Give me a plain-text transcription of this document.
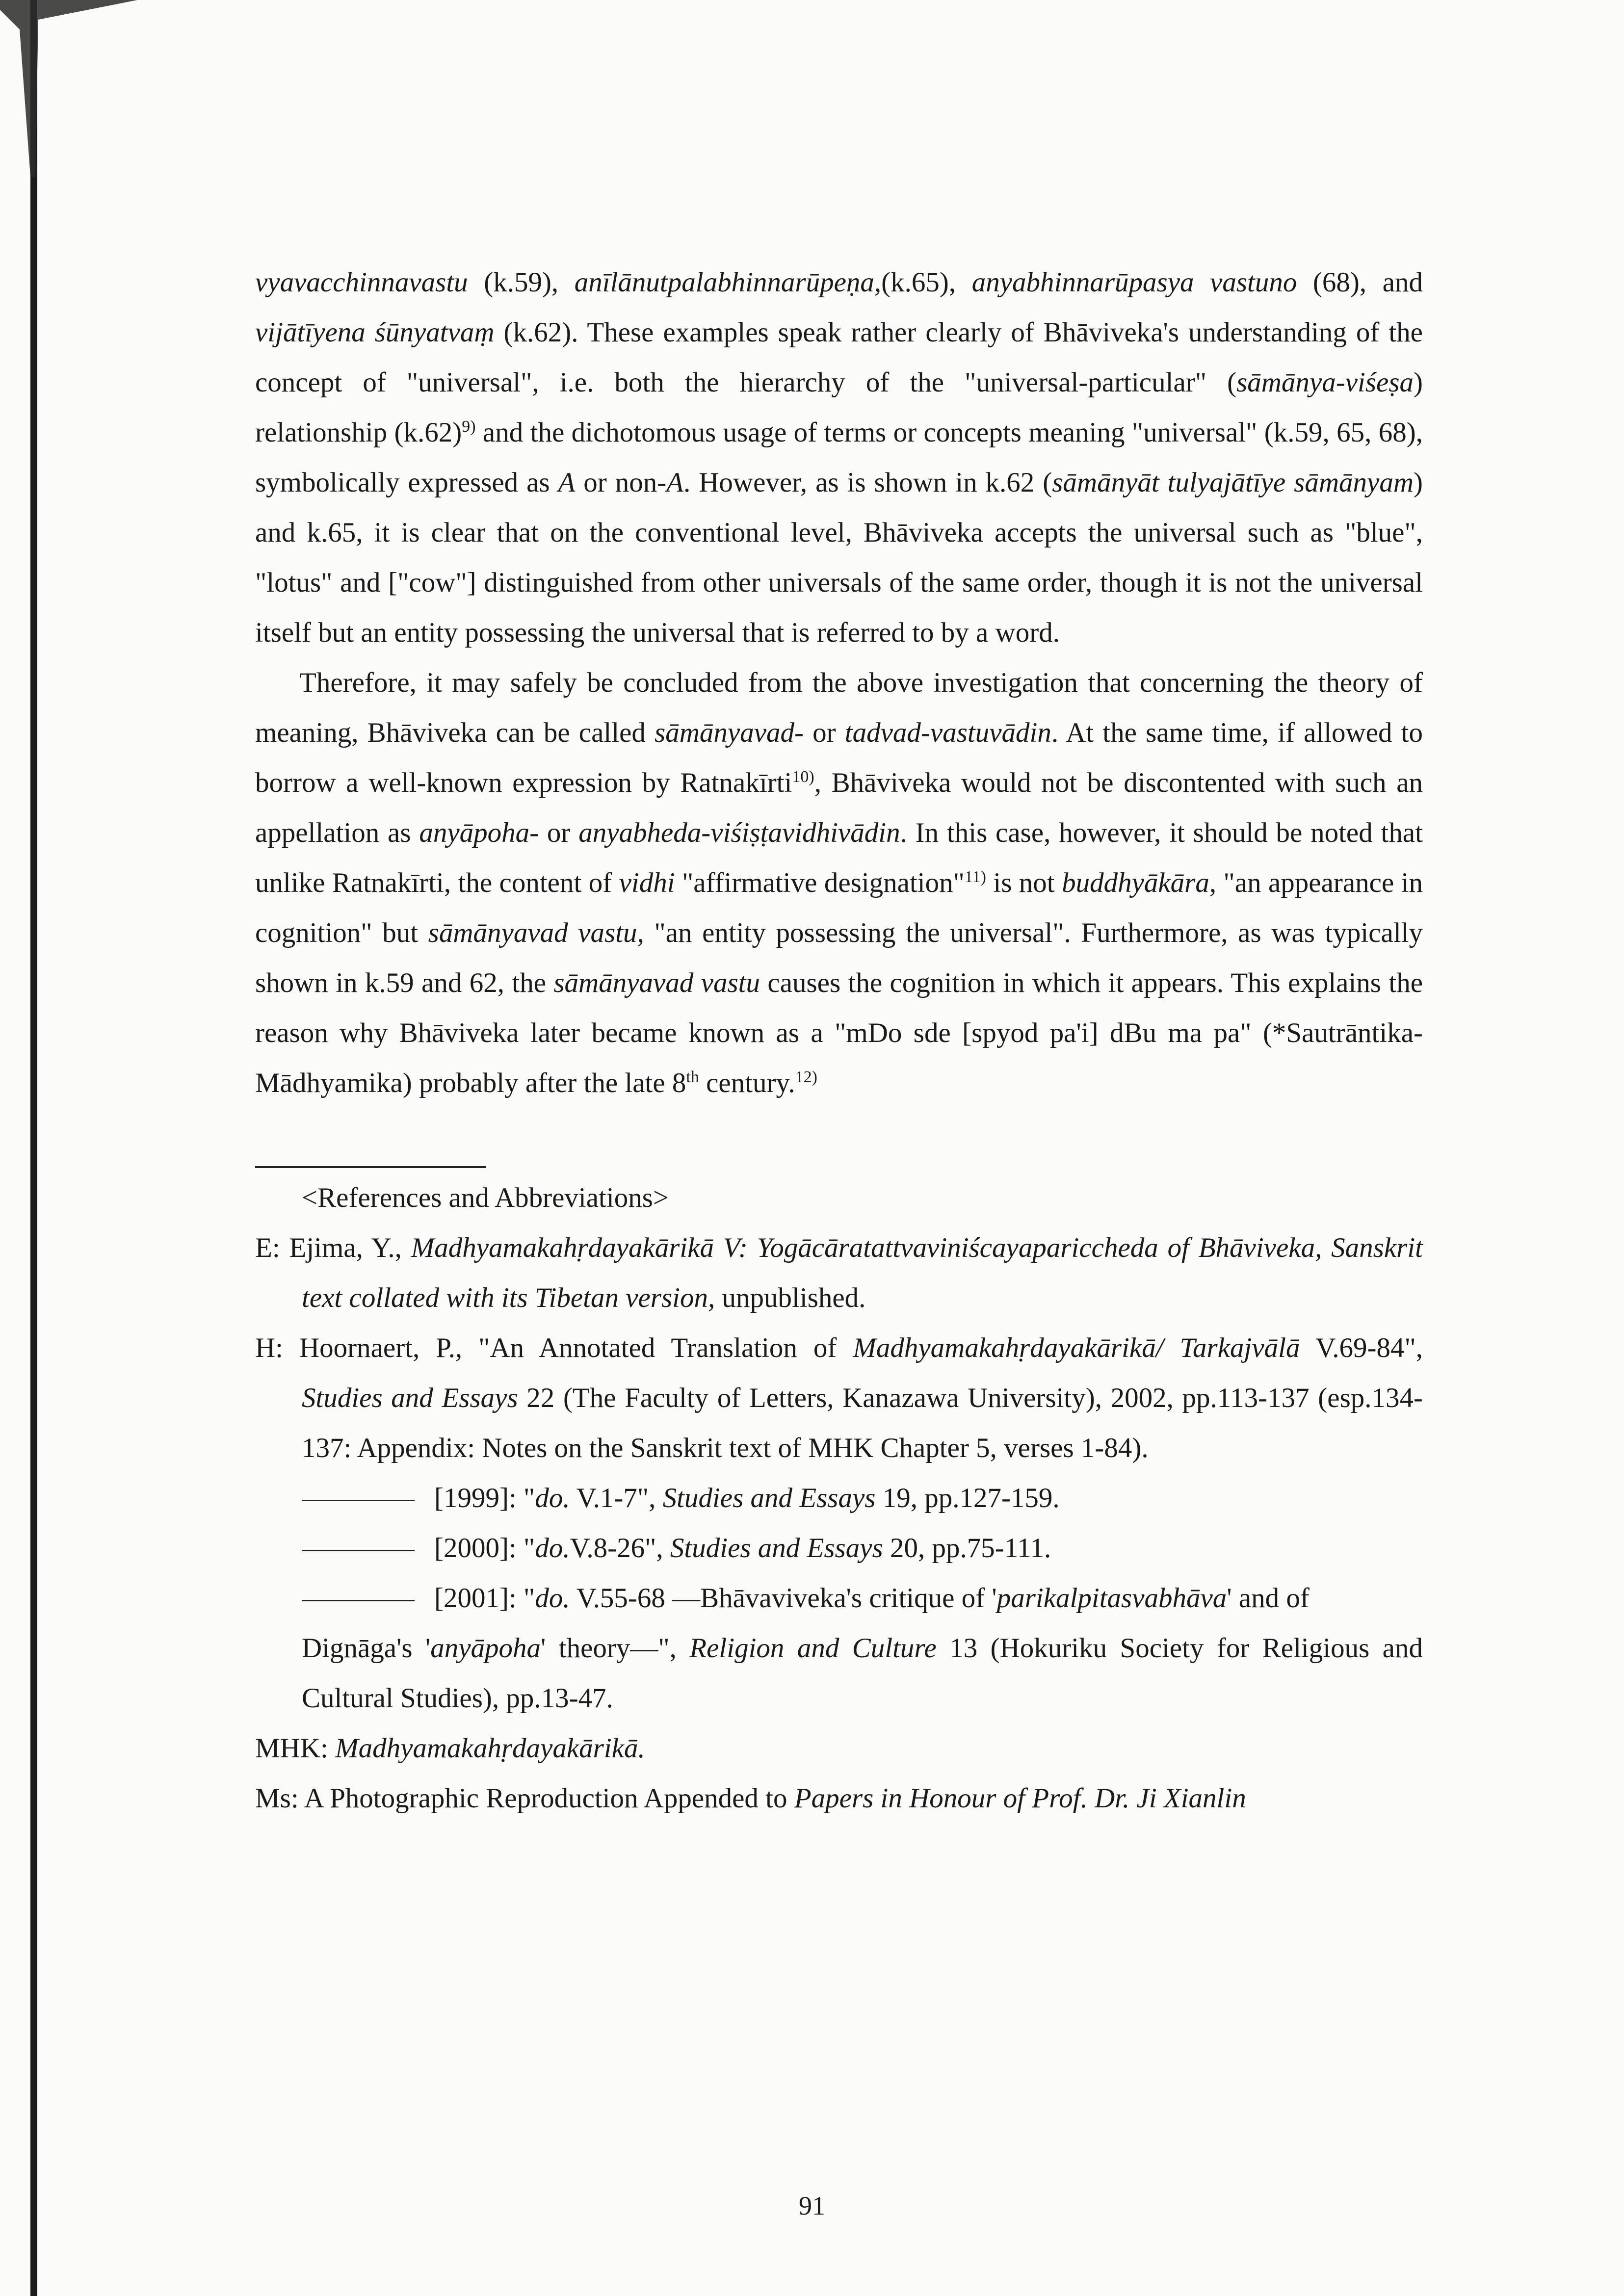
vyavacchinnavastu (k.59), anīlānutpalabhinnarūpeṇa,(k.65), anyabhinnarūpasya vastuno (68), and vijātīyena śūnyatvaṃ (k.62). These examples speak rather clearly of Bhāviveka's understanding of the concept of "universal", i.e. both the hierarchy of the "universal-particular" (sāmānya-viśeṣa) relationship $(k.62)^{9)}$ and the dichotomous usage of terms or concepts meaning "universal" (k.59, 65, 68), symbolically expressed as A or non-A. However, as is shown in k.62 (sāmānyāt tulyajātīye sāmānyam) and k.65, it is clear that on the conventional level, Bhāviveka accepts the universal such as "blue", "lotus" and ["cow"] distinguished from other universals of the same order, though it is not the universal itself but an entity possessing the universal that is referred to by a word.

Therefore, it may safely be concluded from the above investigation that concerning the theory of meaning, Bhāviveka can be called sāmānyavad- or tadvad-vastuvādin. At the same time, if allowed to borrow a well-known expression by Ratnakīrti$^{10)}$, Bhāviveka would not be discontented with such an appellation as anyāpoha- or anyabheda-viśiṣṭavidhivādin. In this case, however, it should be noted that unlike Ratnakīrti, the content of vidhi "affirmative designation"$^{11)}$ is not buddhyākāra, "an appearance in cognition" but sāmānyavad vastu, "an entity possessing the universal". Furthermore, as was typically shown in k.59 and 62, the sāmānyavad vastu causes the cognition in which it appears. This explains the reason why Bhāviveka later became known as a "mDo sde [spyod pa'i] dBu ma pa" (*Sautrāntika-Mādhyamika) probably after the late 8th century.$^{12)}$

<References and Abbreviations>

E: Ejima, Y., Madhyamakahṛdayakārikā V: Yogācāratattvaviniścayapariccheda of Bhāviveka, Sanskrit text collated with its Tibetan version, unpublished.

H: Hoornaert, P., "An Annotated Translation of Madhyamakahṛdayakārikā/ Tarkajvālā V.69-84", Studies and Essays 22 (The Faculty of Letters, Kanazawa University), 2002, pp.113-137 (esp.134-137: Appendix: Notes on the Sanskrit text of MHK Chapter 5, verses 1-84).

[1999]: "do. V.1-7", Studies and Essays 19, pp.127-159.

[2000]: "do.V.8-26", Studies and Essays 20, pp.75-111.

[2001]: "do. V.55-68 —Bhāvaviveka's critique of 'parikalpitasvabhāva' and of
Dignāga's 'anyāpoha' theory—", Religion and Culture 13 (Hokuriku Society for Religious and Cultural Studies), pp.13-47.

MHK: Madhyamakahṛdayakārikā.

Ms: A Photographic Reproduction Appended to Papers in Honour of Prof. Dr. Ji Xianlin

91
